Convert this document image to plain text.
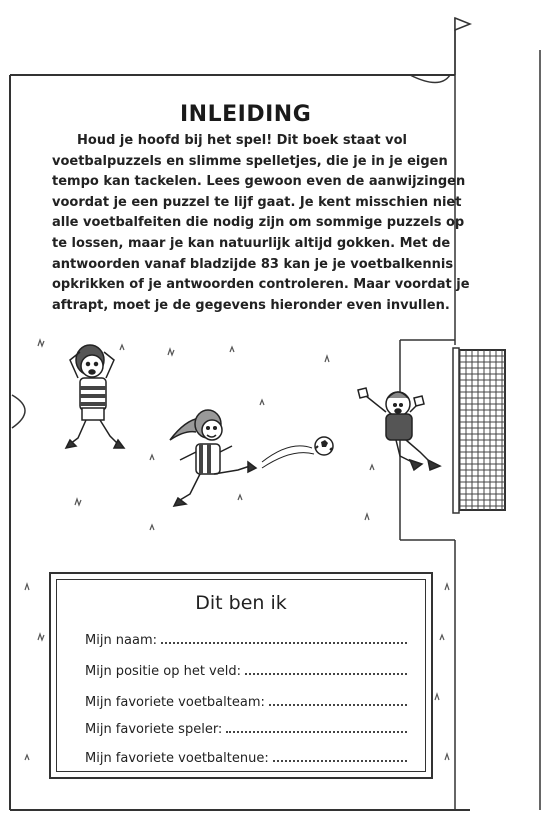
INLEIDING
Houd je hoofd bij het spel! Dit boek staat vol
voetbalpuzzels en slimme spelletjes, die je in je eigen
tempo kan tackelen. Lees gewoon even de aanwijzingen
voordat je een puzzel te lijf gaat. Je kent misschien niet
alle voetbalfeiten die nodig zijn om sommige puzzels op
te lossen, maar je kan natuurlijk altijd gokken. Met de
antwoorden vanaf bladzijde 83 kan je je voetbalkennis
opkrikken of je antwoorden controleren. Maar voordat je
aftrapt, moet je de gegevens hieronder even invullen.
Dit ben ik
Mijn naam:
Mijn positie op het veld:
Mijn favoriete voetbalteam:
Mijn favoriete speler:
Mijn favoriete voetbaltenue:
